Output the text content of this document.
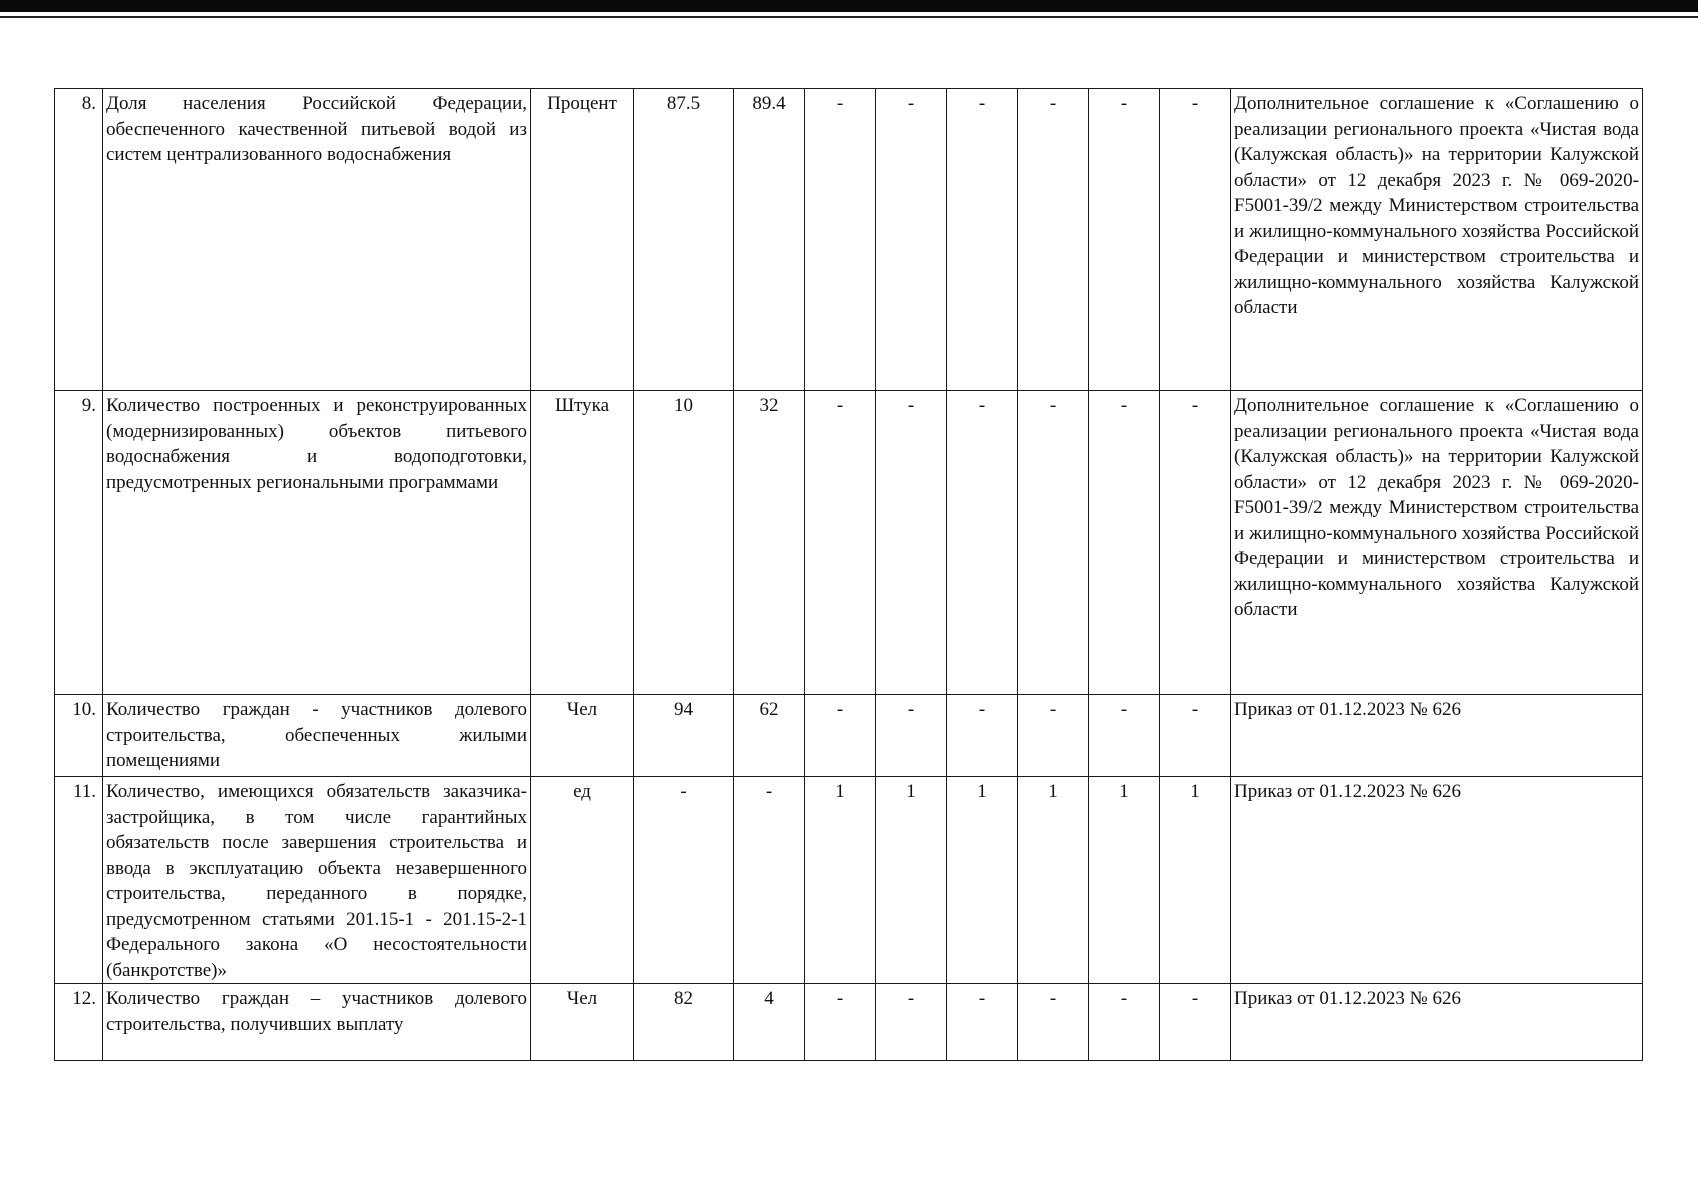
8.	Доля населения Российской Федерации, обеспеченного качественной питьевой водой из систем централизованного водоснабжения	Процент	87.5	89.4	-	-	-	-	-	-	Дополнительное соглашение к «Соглашению о реализации регионального проекта «Чистая вода (Калужская область)» на территории Калужской области» от 12 декабря 2023 г. № 069-2020-F5001-39/2 между Министерством строительства и жилищно-коммунального хозяйства Российской Федерации и министерством строительства и жилищно-коммунального хозяйства Калужской области
9.	Количество построенных и реконструированных (модернизированных) объектов питьевого водоснабжения и водоподготовки, предусмотренных региональными программами	Штука	10	32	-	-	-	-	-	-	Дополнительное соглашение к «Соглашению о реализации регионального проекта «Чистая вода (Калужская область)» на территории Калужской области» от 12 декабря 2023 г. № 069-2020-F5001-39/2 между Министерством строительства и жилищно-коммунального хозяйства Российской Федерации и министерством строительства и жилищно-коммунального хозяйства Калужской области
10.	Количество граждан - участников долевого строительства, обеспеченных жилыми помещениями	Чел	94	62	-	-	-	-	-	-	Приказ от 01.12.2023 № 626
11.	Количество, имеющихся обязательств заказчика-застройщика, в том числе гарантийных обязательств после завершения строительства и ввода в эксплуатацию объекта незавершенного строительства, переданного в порядке, предусмотренном статьями 201.15-1 - 201.15-2-1 Федерального закона «О несостоятельности (банкротстве)»	ед	-	-	1	1	1	1	1	1	Приказ от 01.12.2023 № 626
12.	Количество граждан – участников долевого строительства, получивших выплату	Чел	82	4	-	-	-	-	-	-	Приказ от 01.12.2023 № 626
